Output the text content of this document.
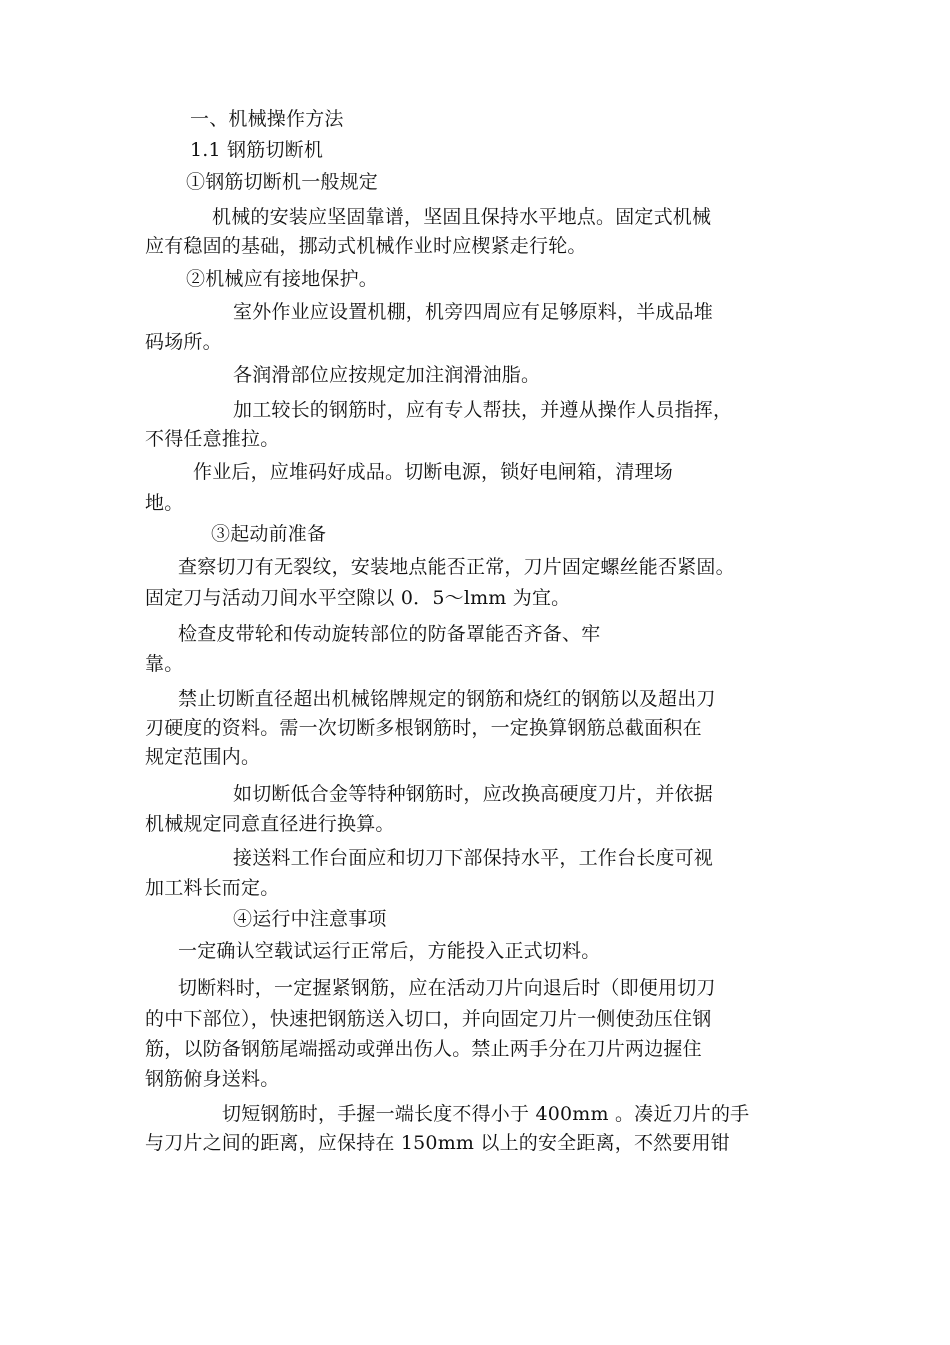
一、机械操作方法
1.1 钢筋切断机
①钢筋切断机一般规定
机械的安装应坚固靠谱，坚固且保持水平地点。固定式机械
应有稳固的基础，挪动式机械作业时应楔紧走行轮。
②机械应有接地保护。
室外作业应设置机棚，机旁四周应有足够原料，半成品堆
码场所。
各润滑部位应按规定加注润滑油脂。
加工较长的钢筋时，应有专人帮扶，并遵从操作人员指挥，
不得任意推拉。
作业后，应堆码好成品。切断电源，锁好电闸箱，清理场
地。
③起动前准备
查察切刀有无裂纹，安装地点能否正常，刀片固定螺丝能否紧固。
固定刀与活动刀间水平空隙以 0．5～lmm 为宜。
检查皮带轮和传动旋转部位的防备罩能否齐备、牢
靠。
禁止切断直径超出机械铭牌规定的钢筋和烧红的钢筋以及超出刀
刃硬度的资料。需一次切断多根钢筋时，一定换算钢筋总截面积在
规定范围内。
如切断低合金等特种钢筋时，应改换高硬度刀片，并依据
机械规定同意直径进行换算。
接送料工作台面应和切刀下部保持水平，工作台长度可视
加工料长而定。
④运行中注意事项
一定确认空载试运行正常后，方能投入正式切料。
切断料时，一定握紧钢筋，应在活动刀片向退后时（即便用切刀
的中下部位），快速把钢筋送入切口，并向固定刀片一侧使劲压住钢
筋，以防备钢筋尾端摇动或弹出伤人。禁止两手分在刀片两边握住
钢筋俯身送料。
切短钢筋时，手握一端长度不得小于 400mm 。凑近刀片的手
与刀片之间的距离，应保持在 150mm 以上的安全距离，不然要用钳
